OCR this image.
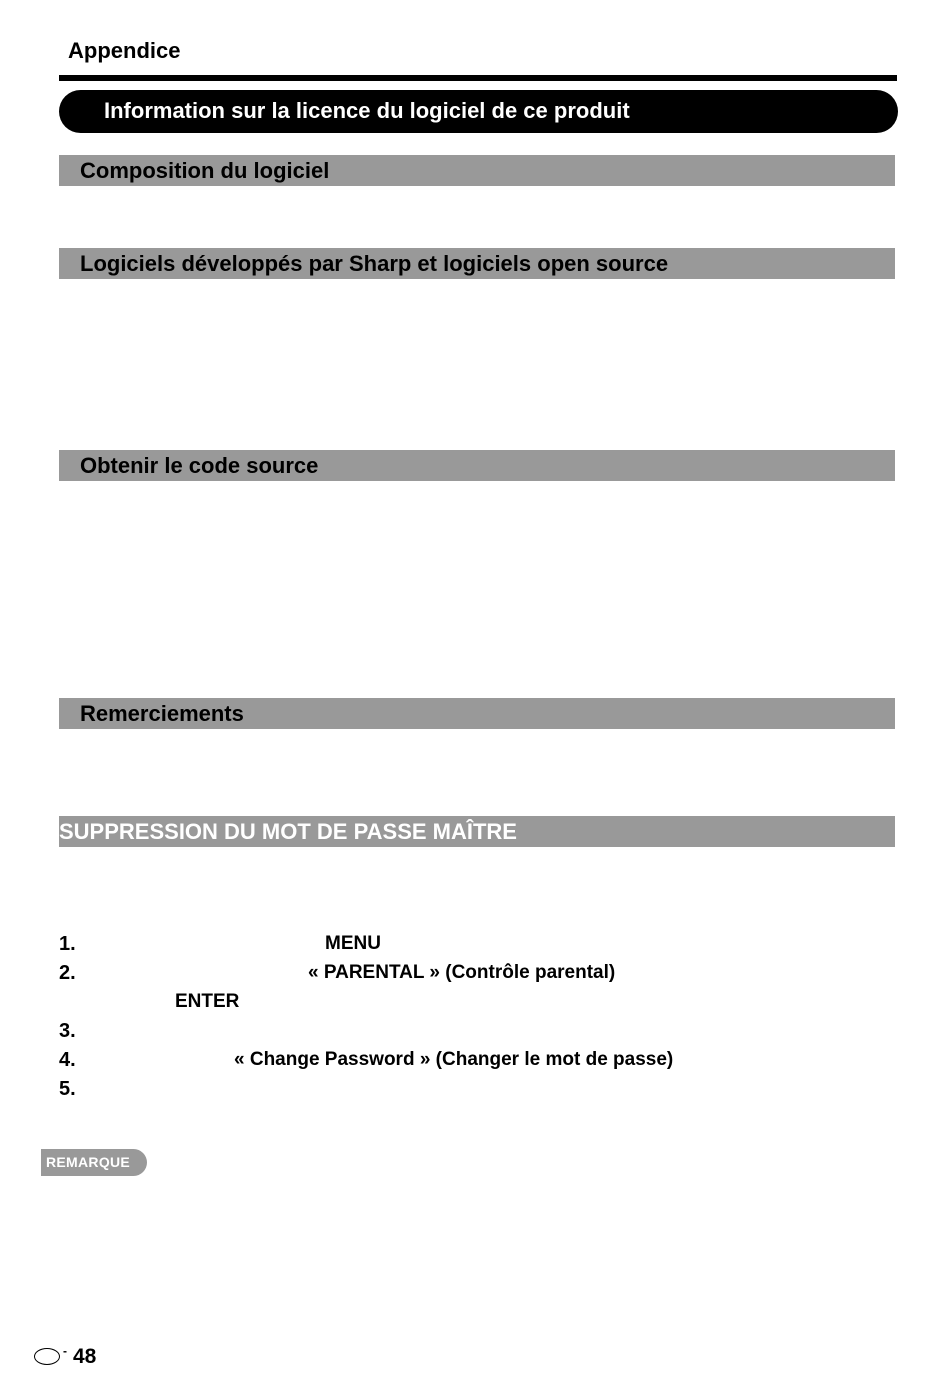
Appendice
Information sur la licence du logiciel de ce produit
Composition du logiciel
Logiciels développés par Sharp et logiciels open source
Obtenir le code source
Remerciements
SUPPRESSION DU MOT DE PASSE MAÎTRE
1.	MENU
2.	« PARENTAL » (Contrôle parental)
ENTER
3.
4.	« Change Password » (Changer le mot de passe)
5.
REMARQUE
- 48
